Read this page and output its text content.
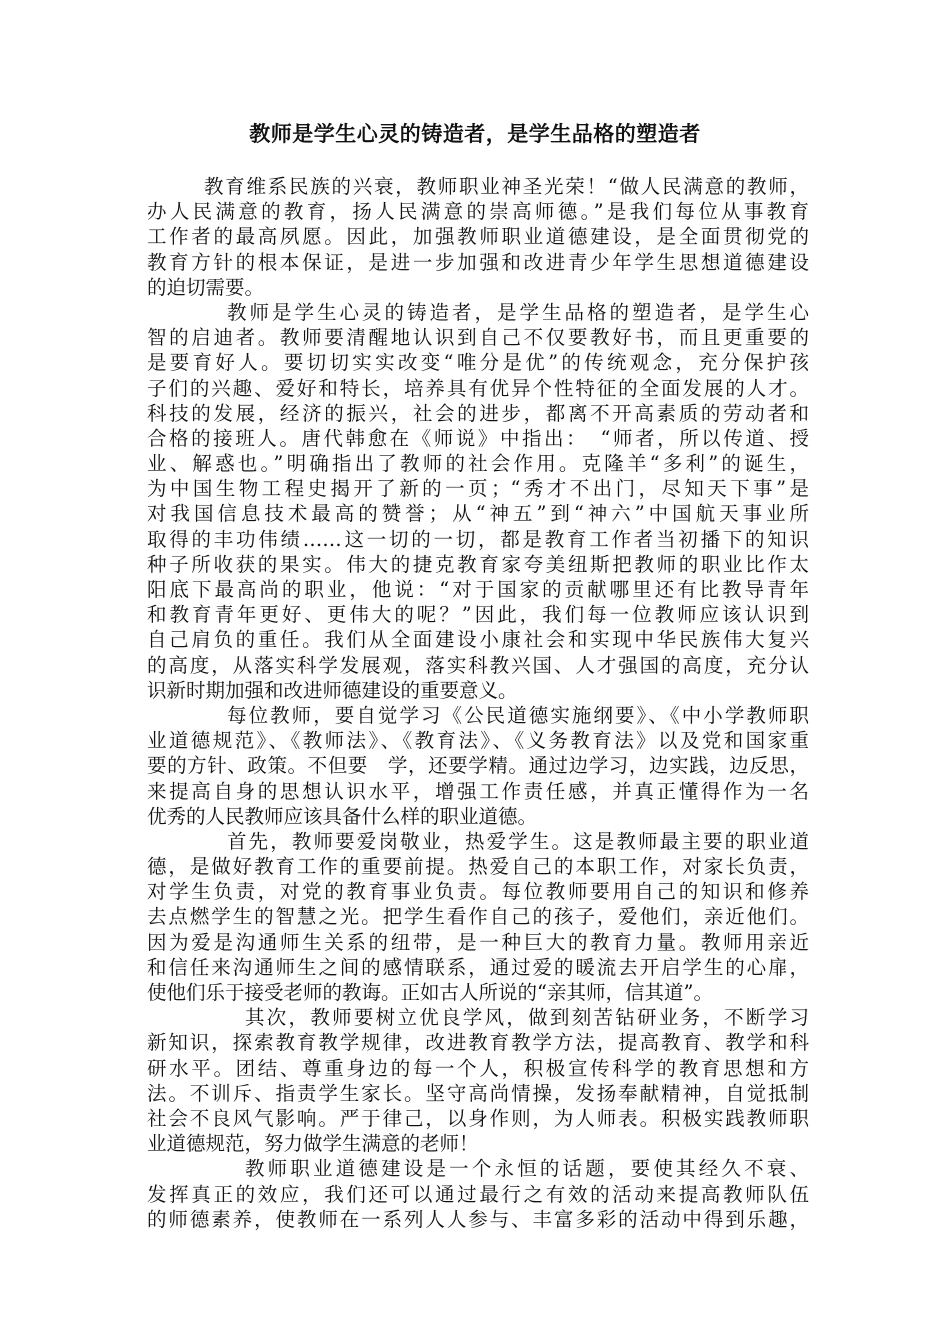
教师是学生心灵的铸造者，是学生品格的塑造者
教育维系民族的兴衰，教师职业神圣光荣！“做人民满意的教师，
办人民满意的教育，扬人民满意的崇高师德。”是我们每位从事教育
工作者的最高夙愿。因此，加强教师职业道德建设，是全面贯彻党的
教育方针的根本保证，是进一步加强和改进青少年学生思想道德建设
的迫切需要。
教师是学生心灵的铸造者，是学生品格的塑造者，是学生心
智的启迪者。教师要清醒地认识到自己不仅要教好书，而且更重要的
是要育好人。要切切实实改变“唯分是优”的传统观念，充分保护孩
子们的兴趣、爱好和特长，培养具有优异个性特征的全面发展的人才。
科技的发展，经济的振兴，社会的进步，都离不开高素质的劳动者和
合格的接班人。唐代韩愈在《师说》中指出：　“师者，所以传道、授
业、解惑也。”明确指出了教师的社会作用。克隆羊“多利”的诞生，
为中国生物工程史揭开了新的一页；“秀才不出门，尽知天下事”是
对我国信息技术最高的赞誉；从“神五”到“神六”中国航天事业所
取得的丰功伟绩……这一切的一切，都是教育工作者当初播下的知识
种子所收获的果实。伟大的捷克教育家夸美纽斯把教师的职业比作太
阳底下最高尚的职业，他说：“对于国家的贡献哪里还有比教导青年
和教育青年更好、更伟大的呢？”因此，我们每一位教师应该认识到
自己肩负的重任。我们从全面建设小康社会和实现中华民族伟大复兴
的高度，从落实科学发展观，落实科教兴国、人才强国的高度，充分认
识新时期加强和改进师德建设的重要意义。
每位教师，要自觉学习《公民道德实施纲要》、《中小学教师职
业道德规范》、《教师法》、《教育法》、《义务教育法》以及党和国家重
要的方针、政策。不但要　学，还要学精。通过边学习，边实践，边反思，
来提高自身的思想认识水平，增强工作责任感，并真正懂得作为一名
优秀的人民教师应该具备什么样的职业道德。
首先，教师要爱岗敬业，热爱学生。这是教师最主要的职业道
德，是做好教育工作的重要前提。热爱自己的本职工作，对家长负责，
对学生负责，对党的教育事业负责。每位教师要用自己的知识和修养
去点燃学生的智慧之光。把学生看作自己的孩子，爱他们，亲近他们。
因为爱是沟通师生关系的纽带，是一种巨大的教育力量。教师用亲近
和信任来沟通师生之间的感情联系，通过爱的暖流去开启学生的心扉，
使他们乐于接受老师的教诲。正如古人所说的“亲其师，信其道”。
其次，教师要树立优良学风，做到刻苦钻研业务，不断学习
新知识，探索教育教学规律，改进教育教学方法，提高教育、教学和科
研水平。团结、尊重身边的每一个人，积极宣传科学的教育思想和方
法。不训斥、指责学生家长。坚守高尚情操，发扬奉献精神，自觉抵制
社会不良风气影响。严于律己，以身作则，为人师表。积极实践教师职
业道德规范，努力做学生满意的老师！
教师职业道德建设是一个永恒的话题，要使其经久不衰、
发挥真正的效应，我们还可以通过最行之有效的活动来提高教师队伍
的师德素养，使教师在一系列人人参与、丰富多彩的活动中得到乐趣，
